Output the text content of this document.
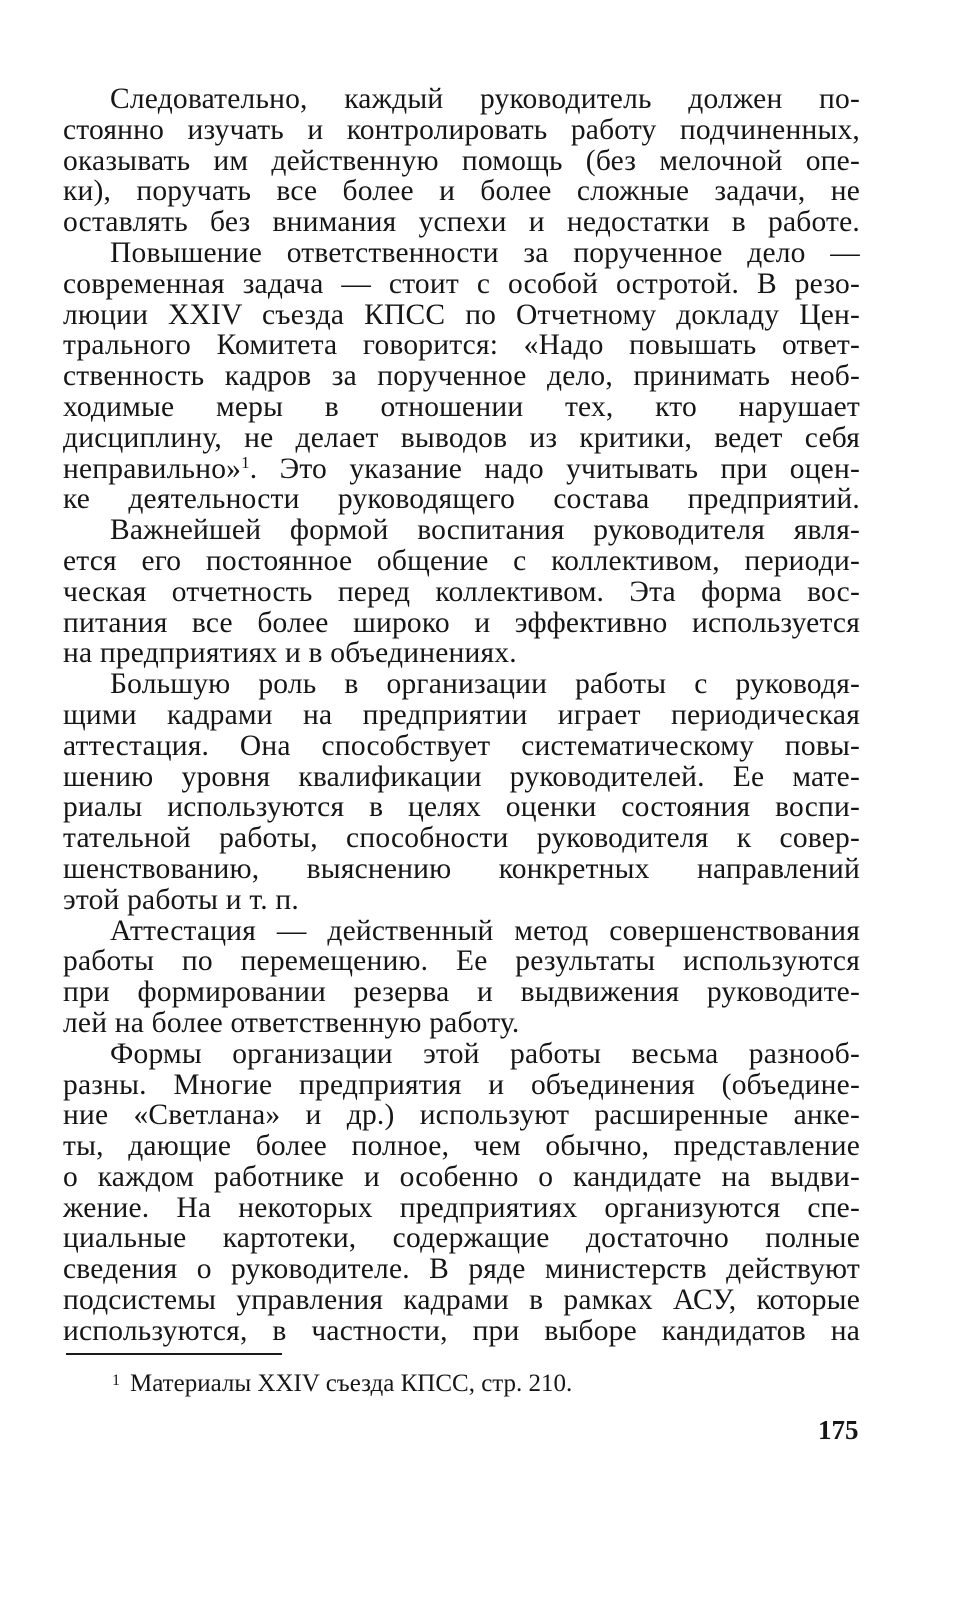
Следовательно, каждый руководитель должен по-
стоянно изучать и контролировать работу подчиненных,
оказывать им действенную помощь (без мелочной опе-
ки), поручать все более и более сложные задачи, не
оставлять без внимания успехи и недостатки в работе.
Повышение ответственности за порученное дело —
современная задача — стоит с особой остротой. В резо-
люции XXIV съезда КПСС по Отчетному докладу Цен-
трального Комитета говорится: «Надо повышать ответ-
ственность кадров за порученное дело, принимать необ-
ходимые меры в отношении тех, кто нарушает
дисциплину, не делает выводов из критики, ведет себя
неправильно»$^1$. Это указание надо учитывать при оцен-
ке деятельности руководящего состава предприятий.
Важнейшей формой воспитания руководителя явля-
ется его постоянное общение с коллективом, периоди-
ческая отчетность перед коллективом. Эта форма вос-
питания все более широко и эффективно используется
на предприятиях и в объединениях.
Большую роль в организации работы с руководя-
щими кадрами на предприятии играет периодическая
аттестация. Она способствует систематическому повы-
шению уровня квалификации руководителей. Ее мате-
риалы используются в целях оценки состояния воспи-
тательной работы, способности руководителя к совер-
шенствованию, выяснению конкретных направлений
этой работы и т. п.
Аттестация — действенный метод совершенствования
работы по перемещению. Ее результаты используются
при формировании резерва и выдвижения руководите-
лей на более ответственную работу.
Формы организации этой работы весьма разнооб-
разны. Многие предприятия и объединения (объедине-
ние «Светлана» и др.) используют расширенные анке-
ты, дающие более полное, чем обычно, представление
о каждом работнике и особенно о кандидате на выдви-
жение. На некоторых предприятиях организуются спе-
циальные картотеки, содержащие достаточно полные
сведения о руководителе. В ряде министерств действуют
подсистемы управления кадрами в рамках АСУ, которые
используются, в частности, при выборе кандидатов на
$^1$ Материалы XXIV съезда КПСС, стр. 210.
175
